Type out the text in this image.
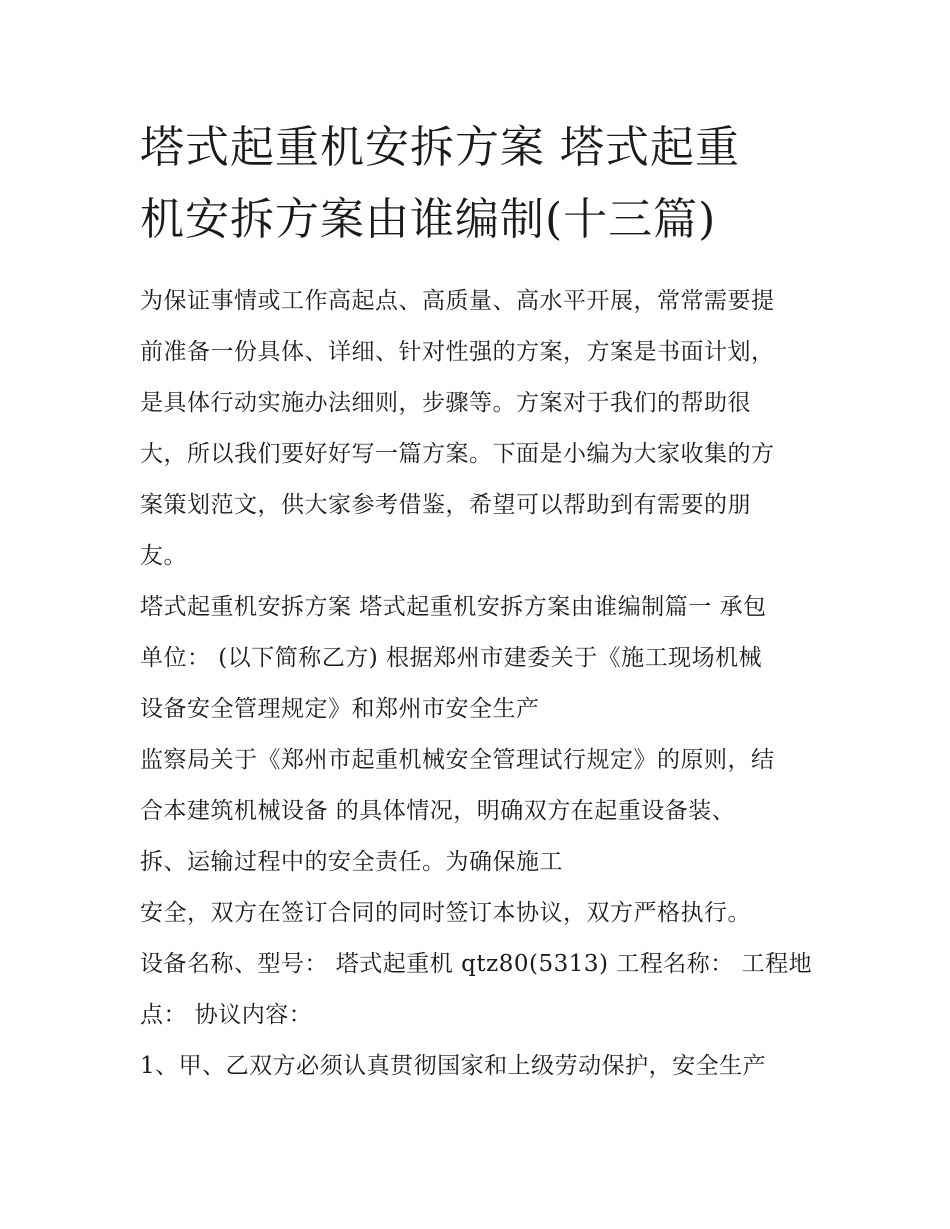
塔式起重机安拆方案 塔式起重
机安拆方案由谁编制(十三篇)
为保证事情或工作高起点、高质量、高水平开展，常常需要提
前准备一份具体、详细、针对性强的方案，方案是书面计划，
是具体行动实施办法细则，步骤等。方案对于我们的帮助很
大，所以我们要好好写一篇方案。下面是小编为大家收集的方
案策划范文，供大家参考借鉴，希望可以帮助到有需要的朋
友。
塔式起重机安拆方案 塔式起重机安拆方案由谁编制篇一 承包
单位： (以下简称乙方) 根据郑州市建委关于《施工现场机械
设备安全管理规定》和郑州市安全生产
监察局关于《郑州市起重机械安全管理试行规定》的原则，结
合本建筑机械设备 的具体情况，明确双方在起重设备装、
拆、运输过程中的安全责任。为确保施工
安全，双方在签订合同的同时签订本协议，双方严格执行。
设备名称、型号： 塔式起重机 qtz80(5313) 工程名称： 工程地
点： 协议内容：
1、甲、乙双方必须认真贯彻国家和上级劳动保护，安全生产
